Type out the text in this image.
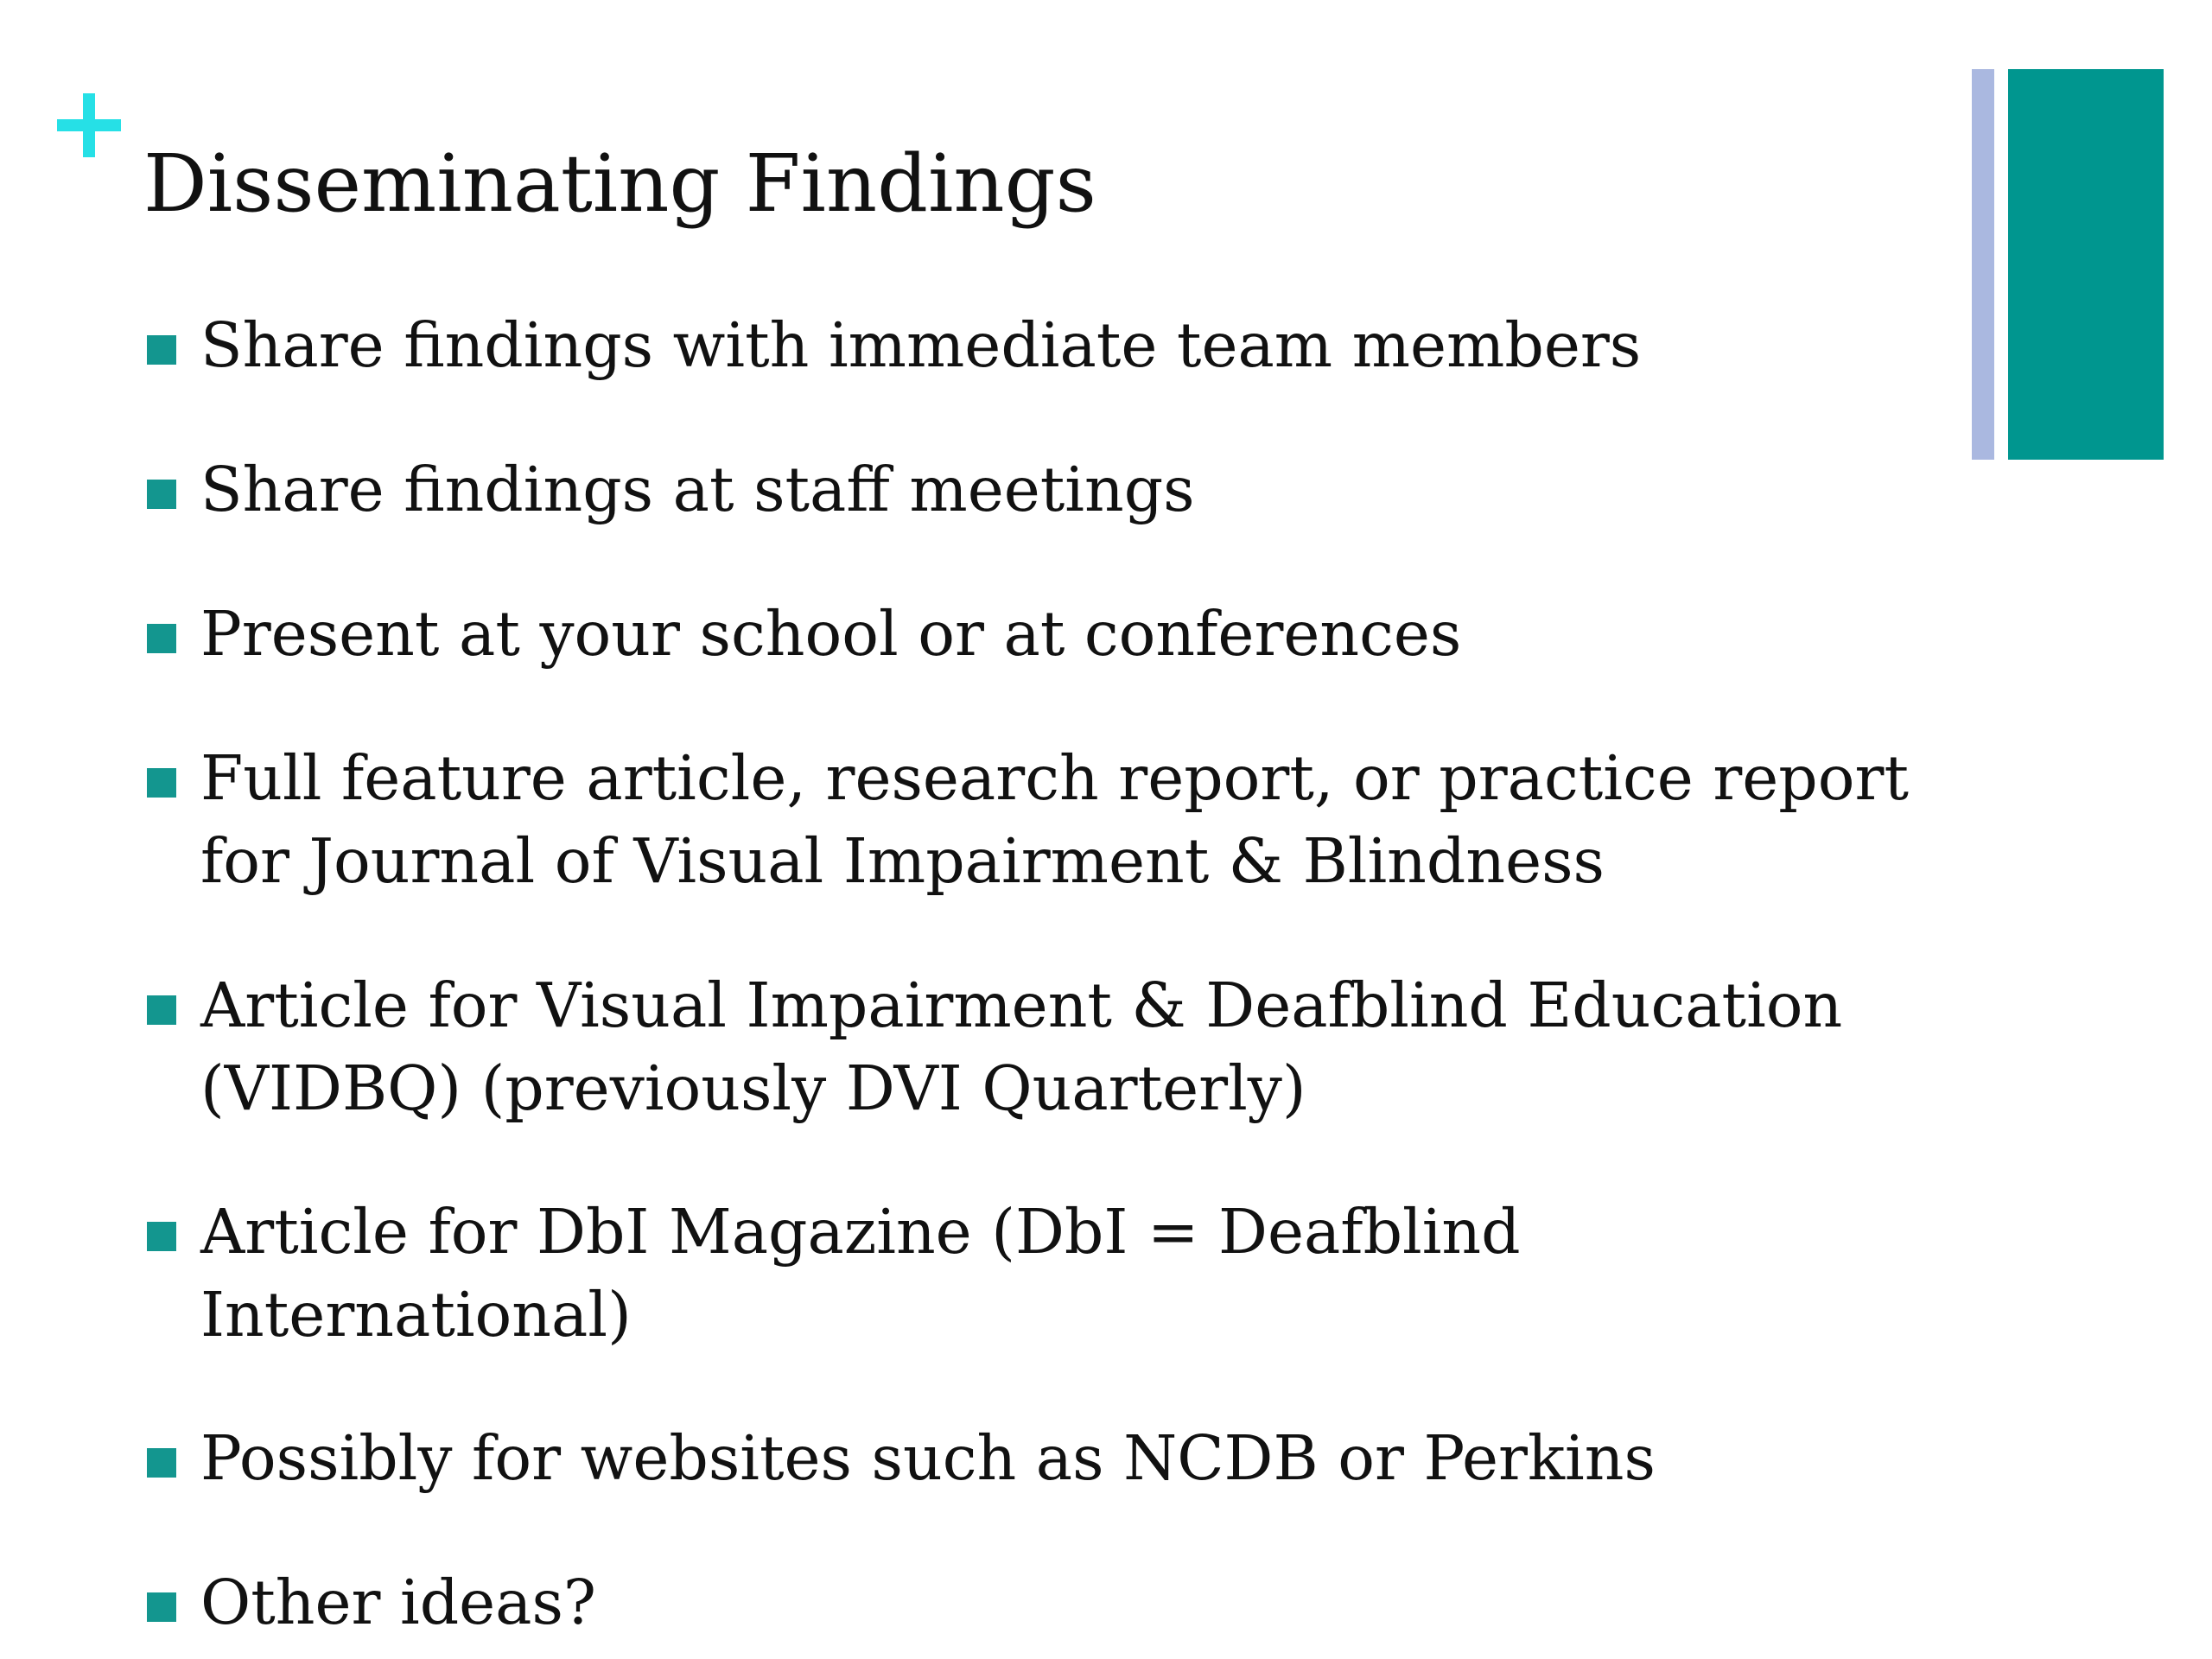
Disseminating Findings
Share findings with immediate team members
Share findings at staff meetings
Present at your school or at conferences
Full feature article, research report, or practice report for Journal of Visual Impairment & Blindness
Article for Visual Impairment & Deafblind Education (VIDBQ) (previously DVI Quarterly)
Article for DbI Magazine (DbI = Deafblind International)
Possibly for websites such as NCDB or Perkins
Other ideas?
